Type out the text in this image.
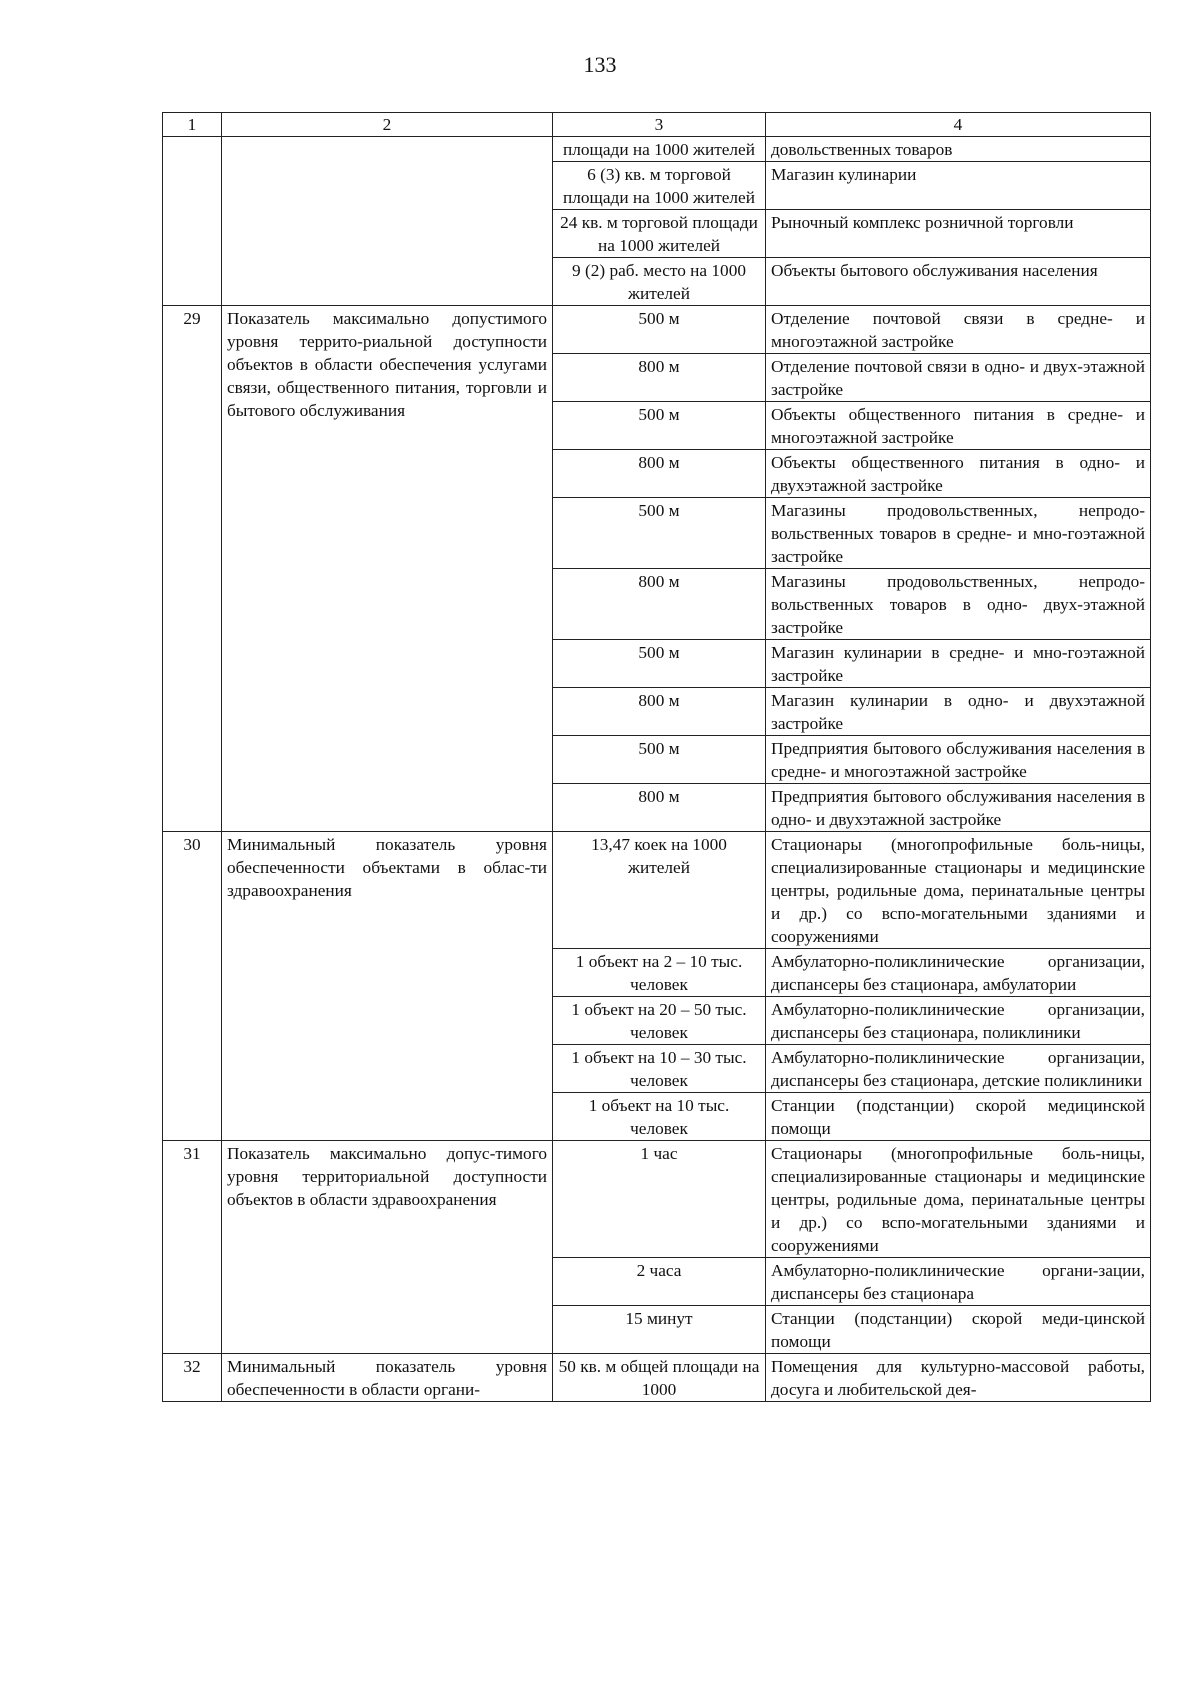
133
1	2	3	4
		площади на 1000 жителей	довольственных товаров
		6 (3) кв. м торговой площади на 1000 жителей	Магазин кулинарии
		24 кв. м торговой площади на 1000 жителей	Рыночный комплекс розничной торговли
		9 (2) раб. место на 1000 жителей	Объекты бытового обслуживания населения
29	Показатель максимально допустимого уровня террито-риальной доступности объектов в области обеспечения услугами связи, общественного питания, торговли и бытового обслуживания	500 м	Отделение почтовой связи в средне- и многоэтажной застройке
		800 м	Отделение почтовой связи в одно- и двух-этажной застройке
		500 м	Объекты общественного питания в средне- и многоэтажной застройке
		800 м	Объекты общественного питания в одно- и двухэтажной застройке
		500 м	Магазины продовольственных, непродо-вольственных товаров в средне- и мно-гоэтажной застройке
		800 м	Магазины продовольственных, непродо-вольственных товаров в одно- двух-этажной застройке
		500 м	Магазин кулинарии в средне- и мно-гоэтажной застройке
		800 м	Магазин кулинарии в одно- и двухэтажной застройке
		500 м	Предприятия бытового обслуживания населения в средне- и многоэтажной застройке
		800 м	Предприятия бытового обслуживания населения в одно- и двухэтажной застройке
30	Минимальный показатель уровня обеспеченности объектами в облас-ти здравоохранения	13,47 коек на 1000 жителей	Стационары (многопрофильные боль-ницы, специализированные стационары и медицинские центры, родильные дома, перинатальные центры и др.) со вспо-могательными зданиями и сооружениями
		1 объект на 2 – 10 тыс. человек	Амбулаторно-поликлинические организации, диспансеры без стационара, амбулатории
		1 объект на 20 – 50 тыс. человек	Амбулаторно-поликлинические организации, диспансеры без стационара, поликлиники
		1 объект на 10 – 30 тыс. человек	Амбулаторно-поликлинические организации, диспансеры без стационара, детские поликлиники
		1 объект на 10 тыс. человек	Станции (подстанции) скорой медицинской помощи
31	Показатель максимально допус-тимого уровня территориальной доступности объектов в области здравоохранения	1 час	Стационары (многопрофильные боль-ницы, специализированные стационары и медицинские центры, родильные дома, перинатальные центры и др.) со вспо-могательными зданиями и сооружениями
		2 часа	Амбулаторно-поликлинические органи-зации, диспансеры без стационара
		15 минут	Станции (подстанции) скорой меди-цинской помощи
32	Минимальный показатель уровня обеспеченности в области органи-	50 кв. м общей площади на 1000	Помещения для культурно-массовой работы, досуга и любительской дея-
